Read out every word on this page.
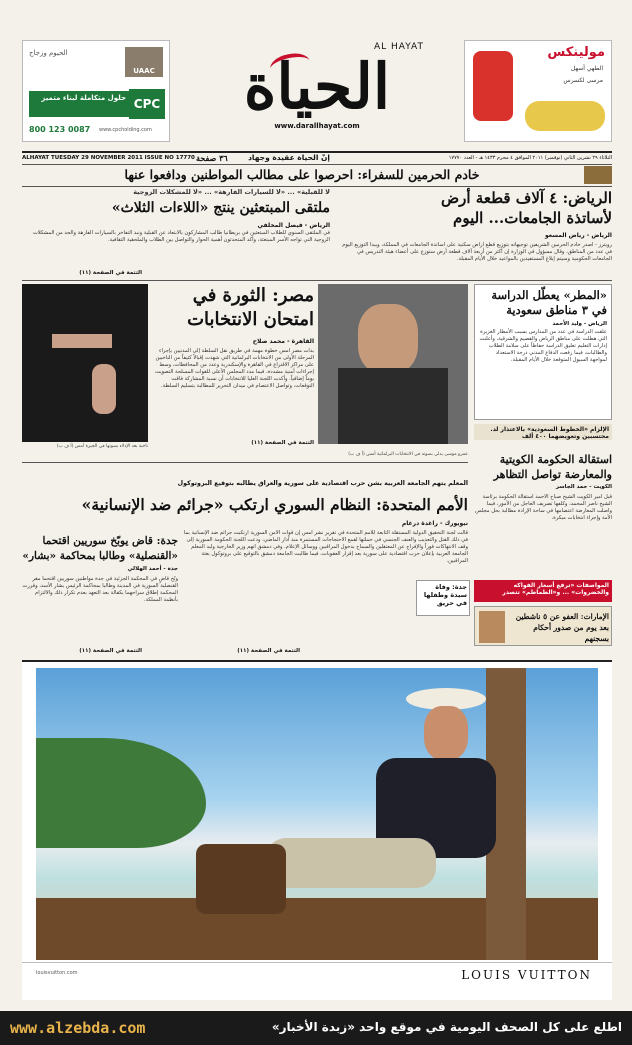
الحيوم وزجاج
UAAC
حلول متكاملة لبناء متميز CPC
800 123 0087 www.cpcholding.com
مولينكس
الطهي أسهل
مرسى لكسرس
AL HAYAT
الحياة
www.darallhayat.com
ALHAYAT TUESDAY 29 NOVEMBER 2011 ISSUE NO 17770 ٣٦ صفحة	إنّ الحياة عقيدة وجهاد	الثلاثاء ٢٩ تشرين الثاني (نوفمبر) ٢٠١١ الموافق ٤ محرم ١٤٣٣ هـ - العدد ١٧٧٧٠
خادم الحرمين للسفراء: احرصوا على مطالب المواطنين ودافعوا عنها
الرياض: ٤ آلاف قطعة أرض
لأساتذة الجامعات... اليوم
الرياض - رياض المسعو
رويترز - أصدر خادم الحرمين الشريفين توجيهاته بتوزيع قطع أراض سكنية على أساتذة الجامعات في المملكة، ويبدأ التوزيع اليوم في عدد من المناطق، وقال مسؤول في الوزارة إن أكثر من أربعة آلاف قطعة أرض ستوزع على أعضاء هيئة التدريس في الجامعات الحكومية وسيتم إبلاغ المستفيدين بالمواعيد خلال الأيام المقبلة.
لا للقبلية» ... «لا للسيارات الفارهة» ... «لا للمشكلات الزوجية
ملتقى المبتعثين ينتج «اللاءات الثلاث»
الرياض - فيصل المخلفي
في الملتقى السنوي للطلاب المبتعثين في بريطانيا طالب المشاركون بالابتعاد عن القبلية ونبذ التفاخر بالسيارات الفارهة والحد من المشكلات الزوجية التي تواجه الأسر المبتعثة، وأكد المتحدثون أهمية الحوار والتواصل بين الطلاب والملحقية الثقافية.
التتمة في الصفحة (١١)
ناخبة بعد الإدلاء بصوتها في الجيزة أمس (أ ف ب)
مصر: الثورة في
امتحان الانتخابات
القاهرة - محمد صلاح
بدأت مصر أمس خطوة مهمة في طريق نقل السلطة إلى المدنيين بإجراء المرحلة الأولى من الانتخابات البرلمانية التي شهدت إقبالاً كثيفاً من الناخبين على مراكز الاقتراع في القاهرة والإسكندرية وعدد من المحافظات، وسط إجراءات أمنية مشددة، فيما مدد المجلس الأعلى للقوات المسلحة التصويت يوماً إضافياً. وأكدت اللجنة العليا للانتخابات أن نسبة المشاركة فاقت التوقعات، وتواصل الاعتصام في ميدان التحرير للمطالبة بتسليم السلطة.
التتمة في الصفحة (١١)
عمرو موسى يدلي بصوته في الانتخابات البرلمانية أمس (أ ف ب)
«المطر» يعطّل الدراسة
في ٣ مناطق سعودية
الرياض - وليد الأحمد
علقت الدراسة في عدد من المدارس بسبب الأمطار الغزيرة التي هطلت على مناطق الرياض والقصيم والشرقية، وأعلنت إدارات التعليم تعليق الدراسة حفاظاً على سلامة الطلاب والطالبات، فيما رفعت الدفاع المدني درجة الاستعداد لمواجهة السيول المتوقعة خلال الأيام المقبلة.
الإلزام «الخطوط السعودية» بالاعتذار لد. محتسبين وتعويضهما ٤٠٠ ألف
استقالة الحكومة الكويتية
والمعارضة تواصل التظاهر
الكويت - حمد الجاسر
المعلم يتهم الجامعة العربية بشن حرب اقتصادية على سورية والعراق يطالبه بتوقيع البروتوكول
الأمم المتحدة: النظام السوري ارتكب «جرائم ضد الإنسانية»
نيويورك - راغدة درغام
قالت لجنة التحقيق الدولية المستقلة التابعة للأمم المتحدة في تقرير نشر أمس إن قوات الأمن السورية ارتكبت جرائم ضد الإنسانية بما في ذلك القتل والتعذيب والعنف الجنسي في حملتها لقمع الاحتجاجات المستمرة منذ آذار الماضي، ودعت اللجنة الحكومة السورية إلى وقف الانتهاكات فوراً والإفراج عن المعتقلين والسماح بدخول المراقبين ووسائل الإعلام. وفي دمشق اتهم وزير الخارجية وليد المعلم الجامعة العربية بإعلان حرب اقتصادية على سورية بعد إقرار العقوبات، فيما طالبت الجامعة دمشق بالتوقيع على بروتوكول بعثة المراقبين.
التتمة في الصفحة (١١)
جدة: قاض يوبّخ سوريين اقتحما
«القنصلية» وطالبا بمحاكمة «بشار»
جدة - أحمد الهلالي
وبّخ قاضٍ في المحكمة الجزئية في جدة مواطنين سوريين اقتحما مقر القنصلية السورية في المدينة وطالبا بمحاكمة الرئيس بشار الأسد، وقررت المحكمة إطلاق سراحهما بكفالة بعد التعهد بعدم تكرار ذلك والالتزام بأنظمة المملكة.
التتمة في الصفحة (١١)
قبل أمير الكويت الشيخ صباح الأحمد استقالة الحكومة برئاسة الشيخ ناصر المحمد، وكلفها تصريف العاجل من الأمور، فيما واصلت المعارضة اعتصامها في ساحة الإرادة مطالبة بحل مجلس الأمة وإجراء انتخابات مبكرة.
المواصفات «ترفع أسعار الفواكه والخضروات» ... و«الطماطم» تتصدر
جدة: وفاة سيدة وطفلها في حريق
الإمارات: العفو عن ٥ ناشطين
بعد يوم من صدور أحكام بسجنهم
louisvuitton.com	LOUIS VUITTON
www.alzebda.com	اطلع على كل الصحف اليومية في موقع واحد «زبدة الأخبار»
